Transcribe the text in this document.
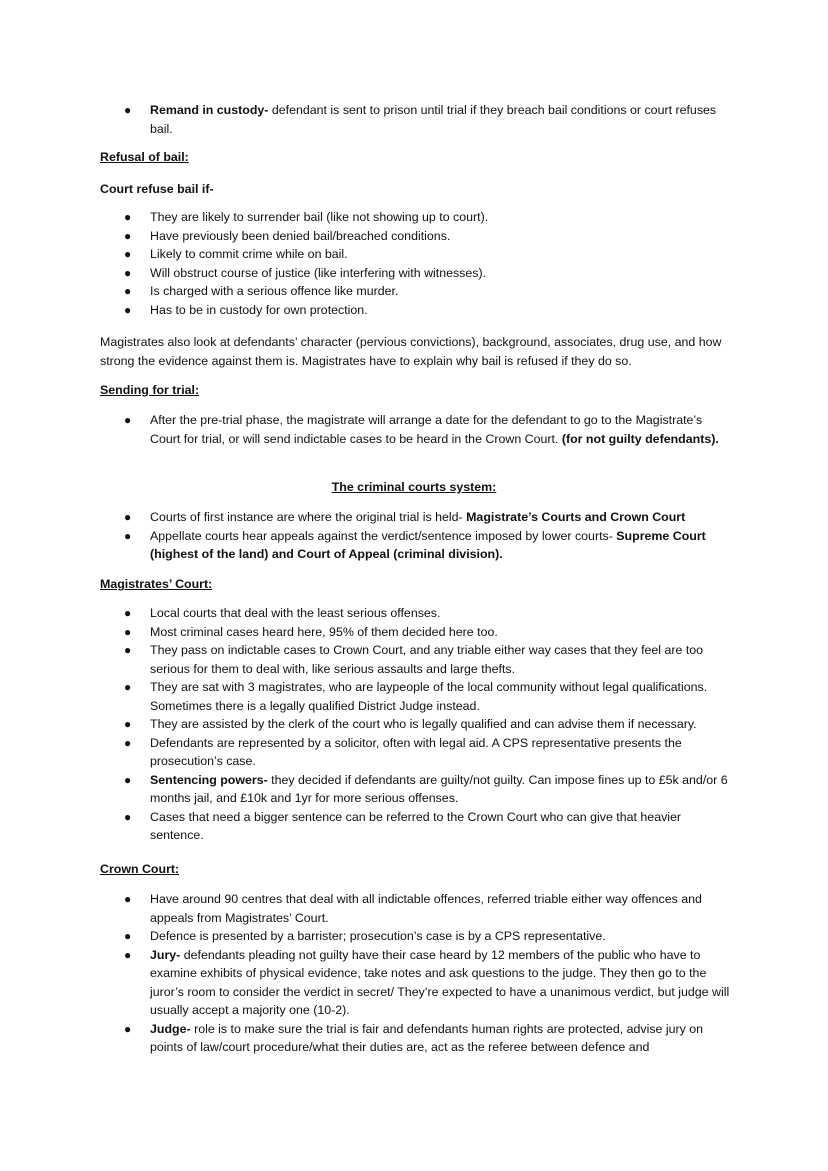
● Remand in custody- defendant is sent to prison until trial if they breach bail conditions or court refuses bail.

Refusal of bail:

Court refuse bail if-

● They are likely to surrender bail (like not showing up to court).
● Have previously been denied bail/breached conditions.
● Likely to commit crime while on bail.
● Will obstruct course of justice (like interfering with witnesses).
● Is charged with a serious offence like murder.
● Has to be in custody for own protection.

Magistrates also look at defendants’ character (pervious convictions), background, associates, drug use, and how strong the evidence against them is. Magistrates have to explain why bail is refused if they do so.

Sending for trial:

● After the pre-trial phase, the magistrate will arrange a date for the defendant to go to the Magistrate’s Court for trial, or will send indictable cases to be heard in the Crown Court. (for not guilty defendants).

The criminal courts system:

● Courts of first instance are where the original trial is held- Magistrate’s Courts and Crown Court
● Appellate courts hear appeals against the verdict/sentence imposed by lower courts- Supreme Court (highest of the land) and Court of Appeal (criminal division).

Magistrates’ Court:

● Local courts that deal with the least serious offenses.
● Most criminal cases heard here, 95% of them decided here too.
● They pass on indictable cases to Crown Court, and any triable either way cases that they feel are too serious for them to deal with, like serious assaults and large thefts.
● They are sat with 3 magistrates, who are laypeople of the local community without legal qualifications. Sometimes there is a legally qualified District Judge instead.
● They are assisted by the clerk of the court who is legally qualified and can advise them if necessary.
● Defendants are represented by a solicitor, often with legal aid. A CPS representative presents the prosecution’s case.
● Sentencing powers- they decided if defendants are guilty/not guilty. Can impose fines up to £5k and/or 6 months jail, and £10k and 1yr for more serious offenses.
● Cases that need a bigger sentence can be referred to the Crown Court who can give that heavier sentence.

Crown Court:

● Have around 90 centres that deal with all indictable offences, referred triable either way offences and appeals from Magistrates’ Court.
● Defence is presented by a barrister; prosecution’s case is by a CPS representative.
● Jury- defendants pleading not guilty have their case heard by 12 members of the public who have to examine exhibits of physical evidence, take notes and ask questions to the judge. They then go to the juror’s room to consider the verdict in secret/ They’re expected to have a unanimous verdict, but judge will usually accept a majority one (10-2).
● Judge- role is to make sure the trial is fair and defendants human rights are protected, advise jury on points of law/court procedure/what their duties are, act as the referee between defence and
